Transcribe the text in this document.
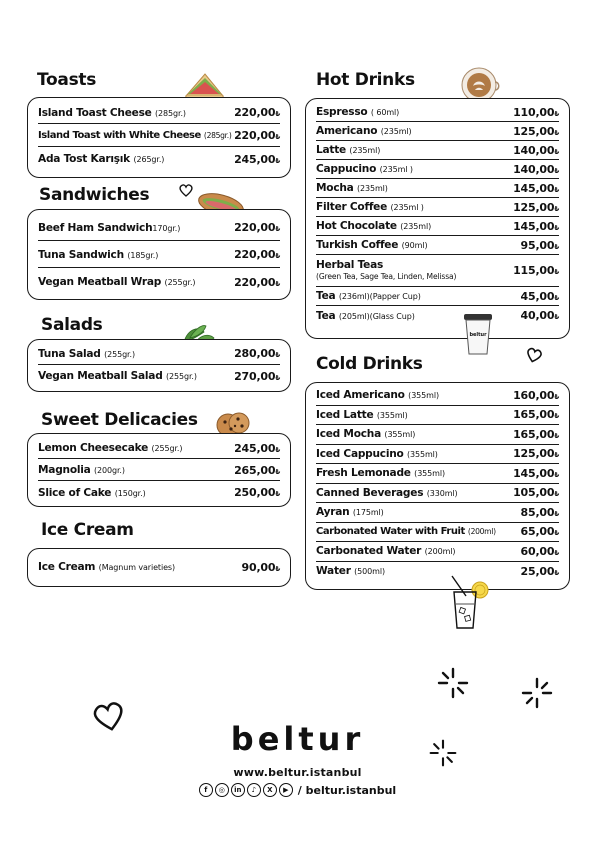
Toasts
Island Toast Cheese (285gr.)	220,00₺
Island Toast with White Cheese (285gr.) 220,00₺
Ada Tost Karışık (265gr.)	245,00₺
Sandwiches
Beef Ham Sandwich170gr.)	220,00₺
Tuna Sandwich (185gr.)	220,00₺
Vegan Meatball Wrap (255gr.)	220,00₺
Salads
Tuna Salad (255gr.)	280,00₺
Vegan Meatball Salad (255gr.)	270,00₺
Sweet Delicacies
Lemon Cheesecake (255gr.)	245,00₺
Magnolia (200gr.)	265,00₺
Slice of Cake (150gr.)	250,00₺
Ice Cream
Ice Cream (Magnum varieties)	90,00₺
Hot Drinks
Espresso ( 60ml)	110,00₺
Americano (235ml)	125,00₺
Latte (235ml)	140,00₺
Cappucino (235ml )	140,00₺
Mocha (235ml)	145,00₺
Filter Coffee (235ml )	125,00₺
Hot Chocolate (235ml)	145,00₺
Turkish Coffee (90ml)	95,00₺
Herbal Teas
(Green Tea, Sage Tea, Linden, Melissa)	115,00₺
Tea (236ml)(Papper Cup)	45,00₺
Tea (205ml)(Glass Cup)	40,00₺
beltur
Cold Drinks
Iced Americano (355ml)	160,00₺
Iced Latte (355ml)	165,00₺
Iced Mocha (355ml)	165,00₺
Iced Cappucino (355ml)	125,00₺
Fresh Lemonade (355ml)	145,00₺
Canned Beverages (330ml)	105,00₺
Ayran (175ml)	85,00₺
Carbonated Water with Fruit (200ml) 65,00₺
Carbonated Water (200ml)	60,00₺
Water (500ml)	25,00₺
beltur
www.beltur.istanbul
f	◎	in	♪	X	▶ / beltur.istanbul
